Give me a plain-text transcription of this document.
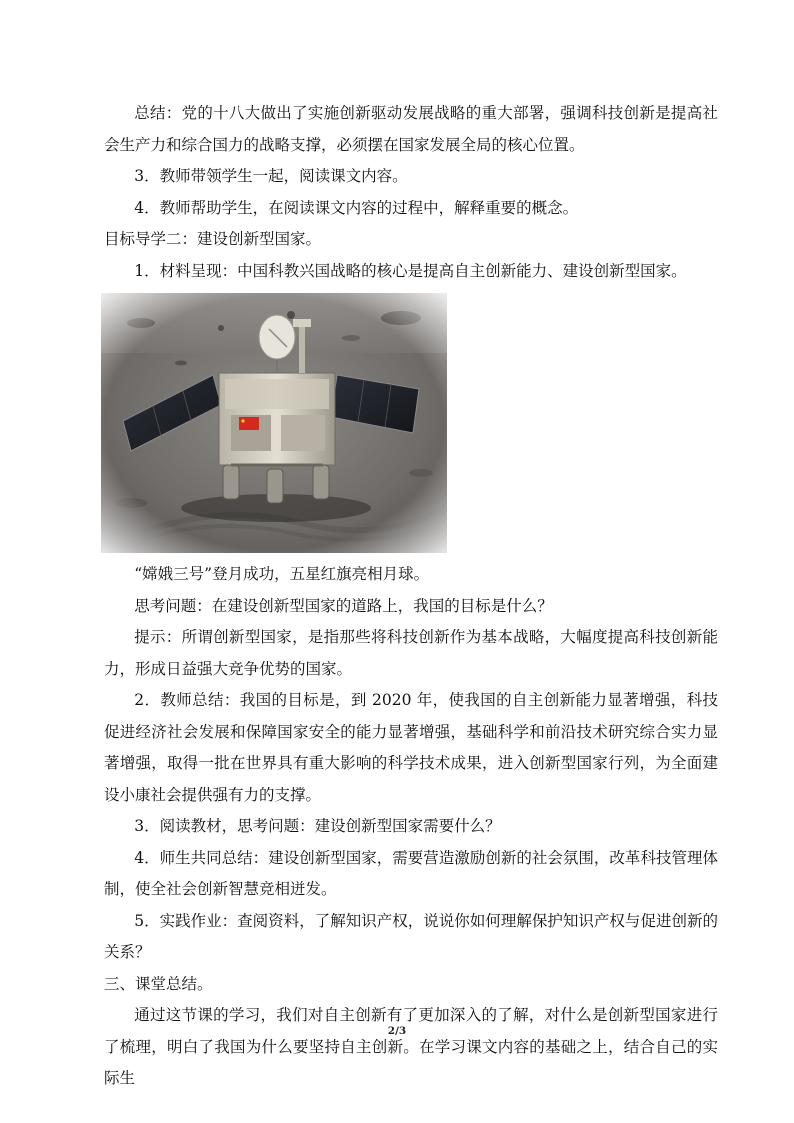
总结：党的十八大做出了实施创新驱动发展战略的重大部署，强调科技创新是提高社会生产力和综合国力的战略支撑，必须摆在国家发展全局的核心位置。

3．教师带领学生一起，阅读课文内容。

4．教师帮助学生，在阅读课文内容的过程中，解释重要的概念。

目标导学二：建设创新型国家。

1．材料呈现：中国科教兴国战略的核心是提高自主创新能力、建设创新型国家。

“嫦娥三号”登月成功，五星红旗亮相月球。

思考问题：在建设创新型国家的道路上，我国的目标是什么？

提示：所谓创新型国家，是指那些将科技创新作为基本战略，大幅度提高科技创新能力，形成日益强大竞争优势的国家。

2．教师总结：我国的目标是，到 2020 年，使我国的自主创新能力显著增强，科技促进经济社会发展和保障国家安全的能力显著增强，基础科学和前沿技术研究综合实力显著增强，取得一批在世界具有重大影响的科学技术成果，进入创新型国家行列，为全面建设小康社会提供强有力的支撑。

3．阅读教材，思考问题：建设创新型国家需要什么？

4．师生共同总结：建设创新型国家，需要营造激励创新的社会氛围，改革科技管理体制，使全社会创新智慧竞相迸发。

5．实践作业：查阅资料，了解知识产权，说说你如何理解保护知识产权与促进创新的关系？

三、课堂总结。

通过这节课的学习，我们对自主创新有了更加深入的了解，对什么是创新型国家进行了梳理，明白了我国为什么要坚持自主创新。在学习课文内容的基础之上，结合自己的实际生

2/3
